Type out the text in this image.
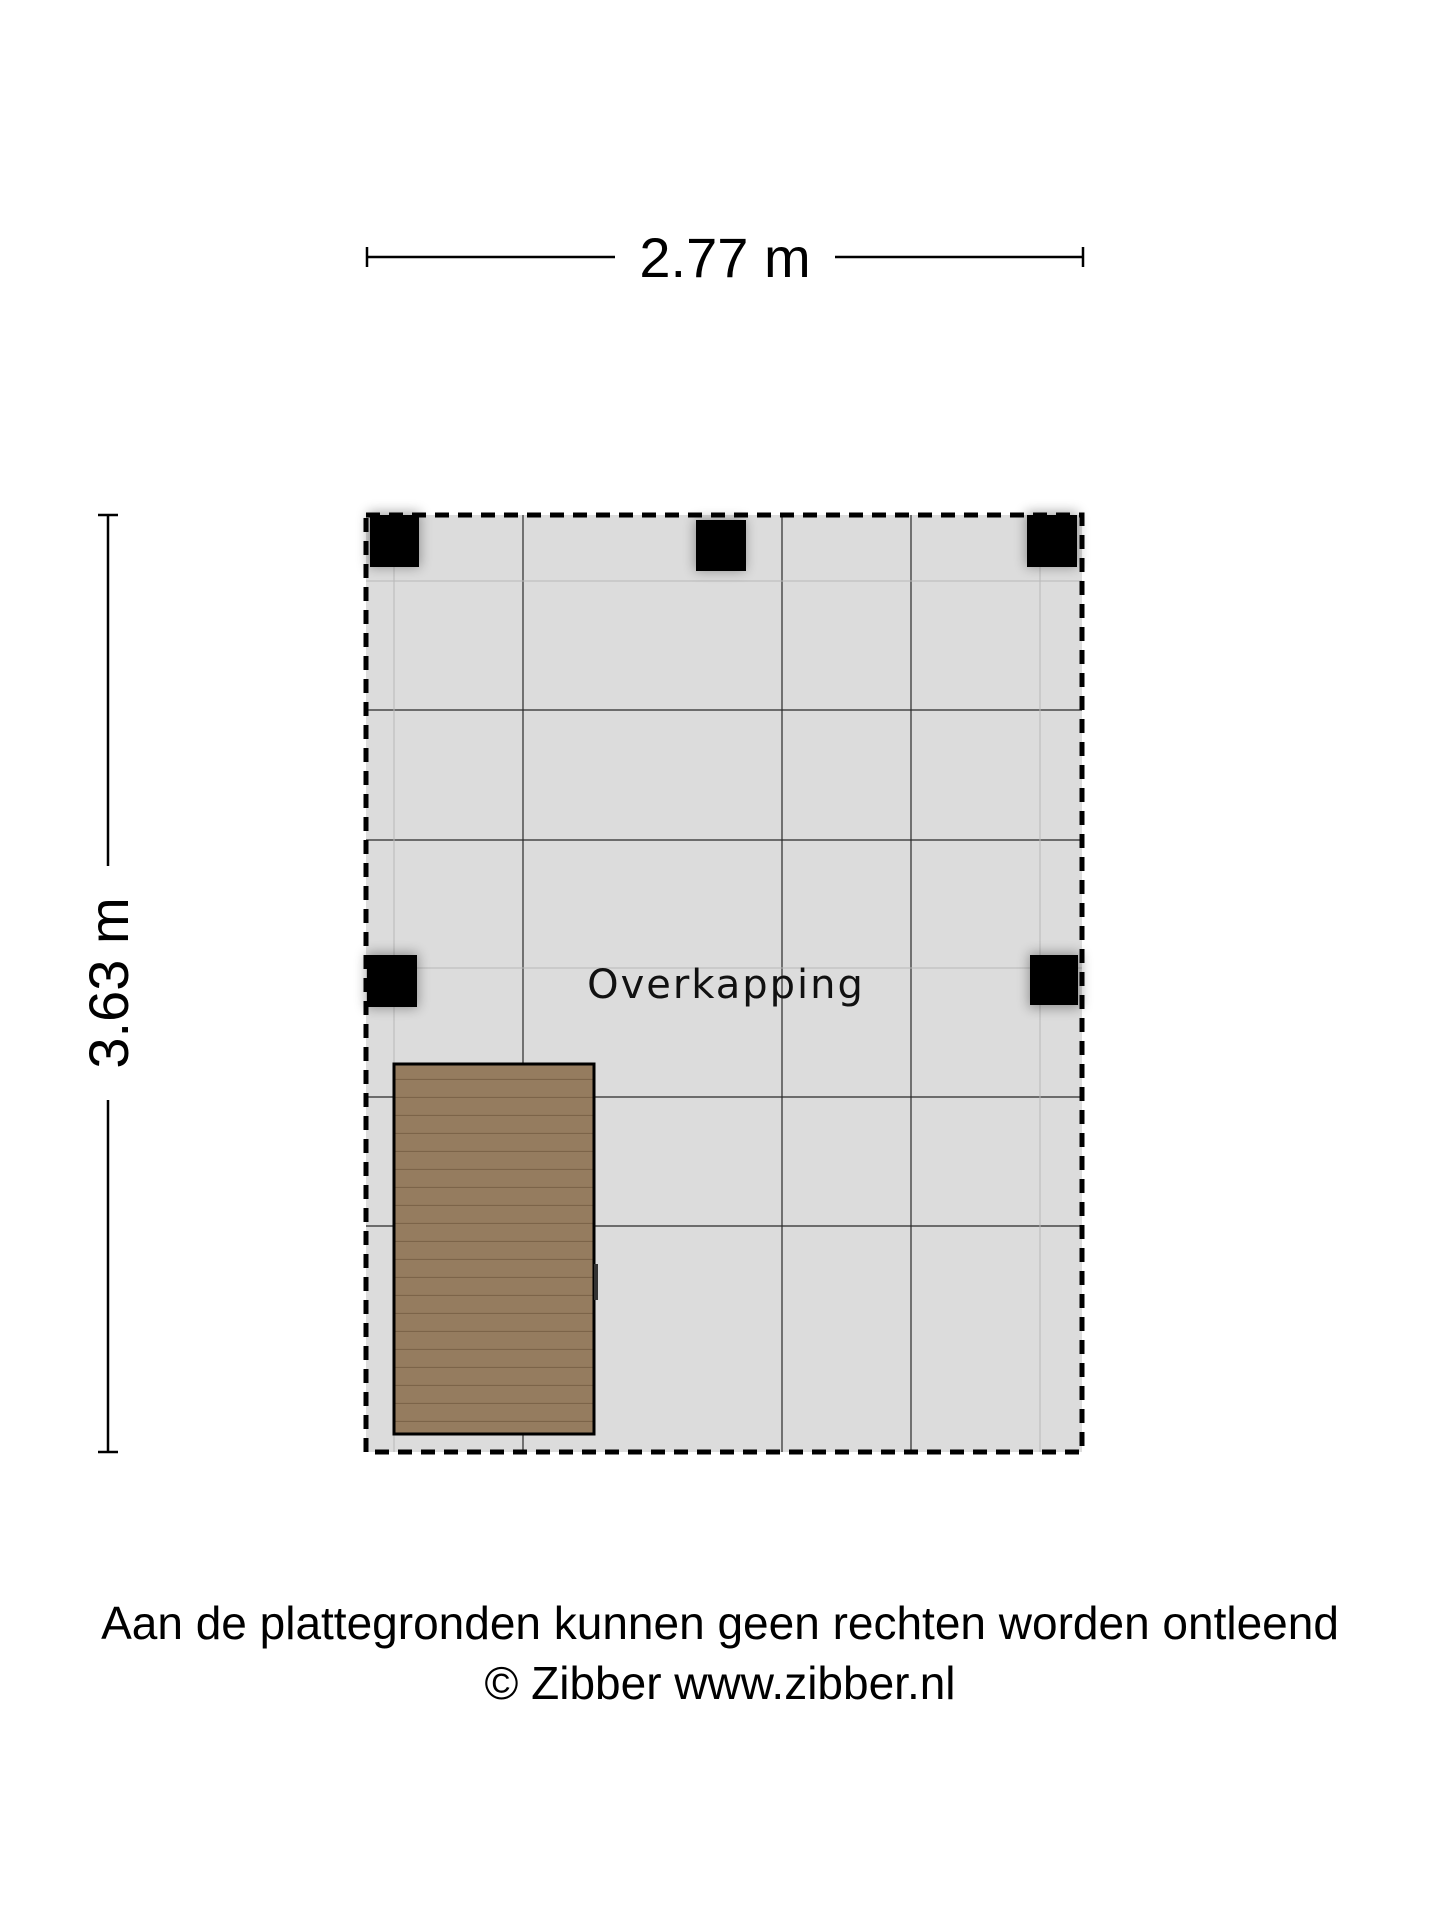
2.77 m
3.63 m	Overkapping
Aan de plattegronden kunnen geen rechten worden ontleend
© Zibber www.zibber.nl
